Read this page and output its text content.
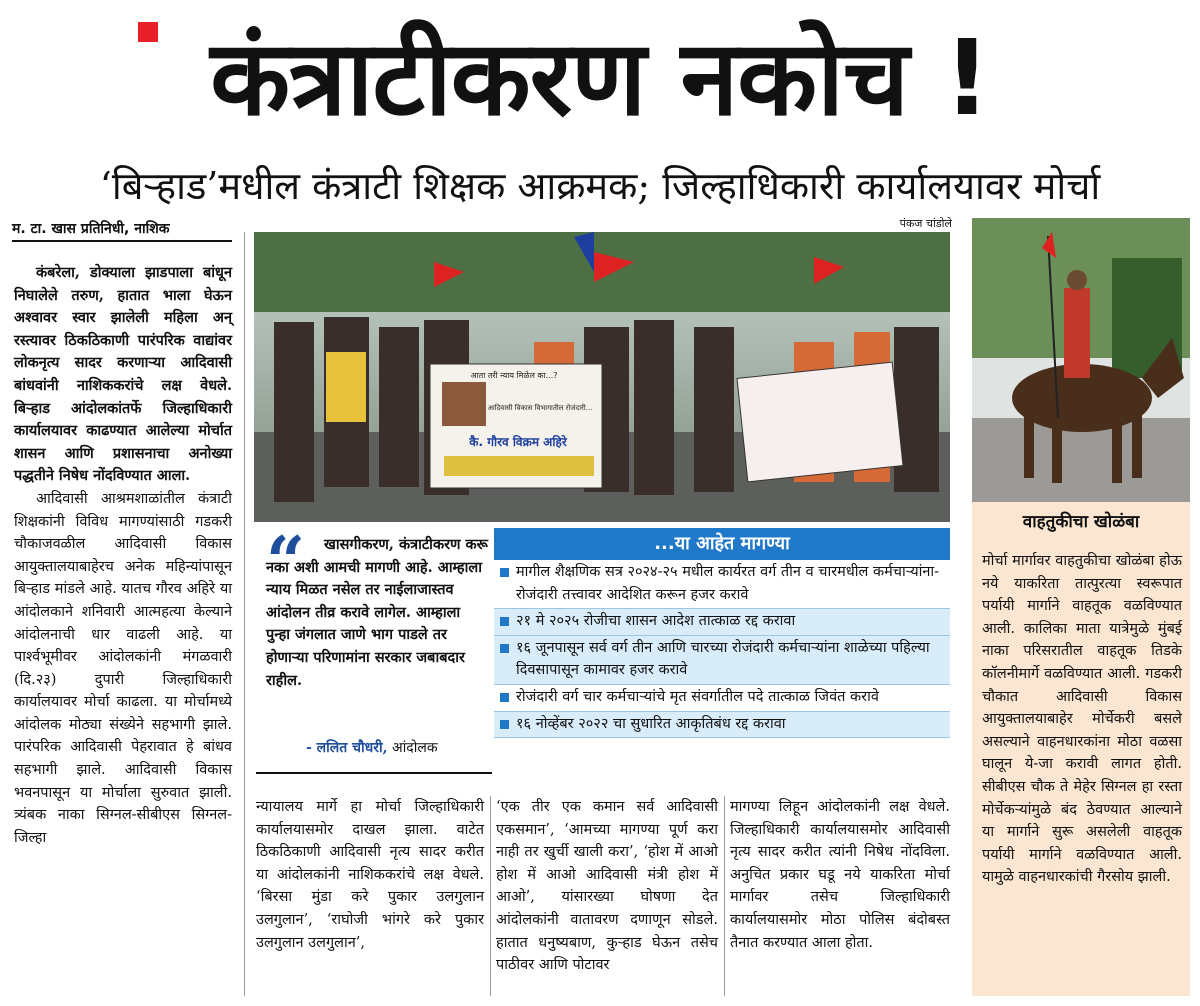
कंत्राटीकरण नकोच !
‘बिऱ्हाड’मधील कंत्राटी शिक्षक आक्रमक; जिल्हाधिकारी कार्यालयावर मोर्चा
म. टा. खास प्रतिनिधी, नाशिक	पंकज चांडोले

कंबरेला, डोक्याला झाडपाला बांधून निघालेले तरुण, हातात भाला घेऊन अश्वावर स्वार झालेली महिला अन् रस्त्यावर ठिकठिकाणी पारंपरिक वाद्यांवर लोकनृत्य सादर करणाऱ्या आदिवासी बांधवांनी नाशिककरांचे लक्ष वेधले. बिऱ्हाड आंदोलकांतर्फे जिल्हाधिकारी कार्यालयावर काढण्यात आलेल्या मोर्चात शासन आणि प्रशासनाचा अनोख्या पद्धतीने निषेध नोंदविण्यात आला.

आदिवासी आश्रमशाळांतील कंत्राटी शिक्षकांनी विविध मागण्यांसाठी गडकरी चौकाजवळील आदिवासी विकास आयुक्तालयाबाहेरच अनेक महिन्यांपासून बिऱ्हाड मांडले आहे. यातच गौरव अहिरे या आंदोलकाने शनिवारी आत्महत्या केल्याने आंदोलनाची धार वाढली आहे. या पार्श्वभूमीवर आंदोलकांनी मंगळवारी (दि.२३) दुपारी जिल्हाधिकारी कार्यालयावर मोर्चा काढला. या मोर्चामध्ये आंदोलक मोठ्या संख्येने सहभागी झाले. पारंपरिक आदिवासी पेहरावात हे बांधव सहभागी झाले. आदिवासी विकास भवनपासून या मोर्चाला सुरुवात झाली. त्र्यंबक नाका सिग्नल-सीबीएस सिग्नल-जिल्हा

आता तरी न्याय मिळेल का...?
आदिवासी विकास विभागातील रोजंदारी...
कै. गौरव विक्रम अहिरे
“	खासगीकरण, कंत्राटीकरण करू नका अशी आमची मागणी आहे. आम्हाला न्याय मिळत नसेल तर नाईलाजास्तव आंदोलन तीव्र करावे लागेल. आम्हाला पुन्हा जंगलात जाणे भाग पाडले तर होणाऱ्या परिणामांना सरकार जबाबदार राहील.
- ललित चौधरी, आंदोलक
...या आहेत मागण्या
मागील शैक्षणिक सत्र २०२४-२५ मधील कार्यरत वर्ग तीन व चारमधील कर्मचाऱ्यांना-रोजंदारी तत्त्वावर आदेशित करून हजर करावे
२१ मे २०२५ रोजीचा शासन आदेश तात्काळ रद्द करावा
१६ जूनपासून सर्व वर्ग तीन आणि चारच्या रोजंदारी कर्मचाऱ्यांना शाळेच्या पहिल्या दिवसापासून कामावर हजर करावे
रोजंदारी वर्ग चार कर्मचाऱ्यांचे मृत संवर्गातील पदे तात्काळ जिवंत करावे
१६ नोव्हेंबर २०२२ चा सुधारित आकृतिबंध रद्द करावा

न्यायालय मार्गे हा मोर्चा जिल्हाधिकारी कार्यालयासमोर दाखल झाला. वाटेत ठिकठिकाणी आदिवासी नृत्य सादर करीत या आंदोलकांनी नाशिककरांचे लक्ष वेधले. ‘बिरसा मुंडा करे पुकार उलगुलान उलगुलान’, ‘राघोजी भांगरे करे पुकार उलगुलान उलगुलान’,

‘एक तीर एक कमान सर्व आदिवासी एकसमान’, ‘आमच्या मागण्या पूर्ण करा नाही तर खुर्ची खाली करा’, ‘होश में आओ होश में आओ आदिवासी मंत्री होश में आओ’, यांसारख्या घोषणा देत आंदोलकांनी वातावरण दणाणून सोडले. हातात धनुष्यबाण, कुऱ्हाड घेऊन तसेच पाठीवर आणि पोटावर

मागण्या लिहून आंदोलकांनी लक्ष वेधले. जिल्हाधिकारी कार्यालयासमोर आदिवासी नृत्य सादर करीत त्यांनी निषेध नोंदविला. अनुचित प्रकार घडू नये याकरिता मोर्चा मार्गावर तसेच जिल्हाधिकारी कार्यालयासमोर मोठा पोलिस बंदोबस्त तैनात करण्यात आला होता.

वाहतुकीचा खोळंबा

मोर्चा मार्गावर वाहतुकीचा खोळंबा होऊ नये याकरिता तात्पुरत्या स्वरूपात पर्यायी मार्गाने वाहतूक वळविण्यात आली. कालिका माता यात्रेमुळे मुंबई नाका परिसरातील वाहतूक तिडके कॉलनीमार्गे वळविण्यात आली. गडकरी चौकात आदिवासी विकास आयुक्तालयाबाहेर मोर्चेकरी बसले असल्याने वाहनधारकांना मोठा वळसा घालून ये-जा करावी लागत होती. सीबीएस चौक ते मेहेर सिग्नल हा रस्ता मोर्चेकऱ्यांमुळे बंद ठेवण्यात आल्याने या मार्गाने सुरू असलेली वाहतूक पर्यायी मार्गाने वळविण्यात आली. यामुळे वाहनधारकांची गैरसोय झाली.
